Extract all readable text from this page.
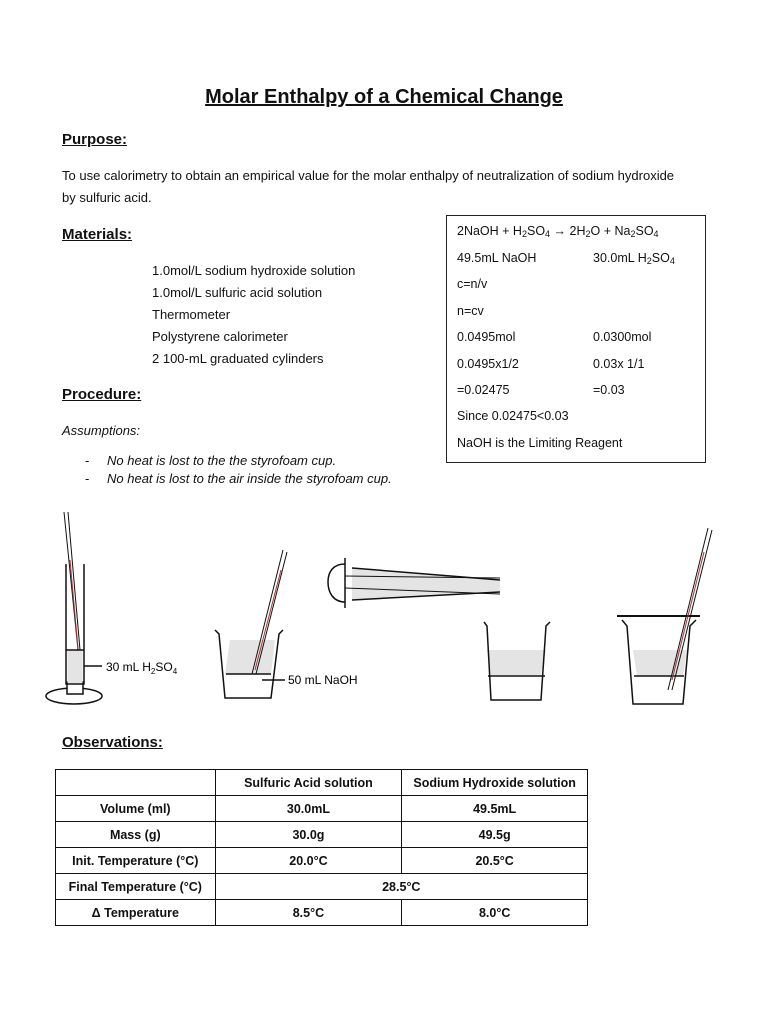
Molar Enthalpy of a Chemical Change
Purpose:
To use calorimetry to obtain an empirical value for the molar enthalpy of neutralization of sodium hydroxide
by sulfuric acid.
Materials:
1.0mol/L sodium hydroxide solution
1.0mol/L sulfuric acid solution
Thermometer
Polystyrene calorimeter
2 100-mL graduated cylinders
2NaOH + $H_2SO_4 \to 2H_2O + Na_2SO_4$
49.5mL NaOH	30.0mL $H_2SO_4$
c=n/v
n=cv
0.0495mol	0.0300mol
0.0495x1/2	0.03x 1/1
=0.02475	=0.03
Since 0.02475<0.03
NaOH is the Limiting Reagent
Procedure:
Assumptions:
- No heat is lost to the the styrofoam cup.
- No heat is lost to the air inside the styrofoam cup.
30 mL $H_2SO_4$
50 mL NaOH
Observations:
	Sulfuric Acid solution	Sodium Hydroxide solution
Volume (ml)	30.0mL	49.5mL
Mass (g)	30.0g	49.5g
Init. Temperature (°C)	20.0°C	20.5°C
Final Temperature (°C)	28.5°C	
Δ Temperature	8.5°C	8.0°C
